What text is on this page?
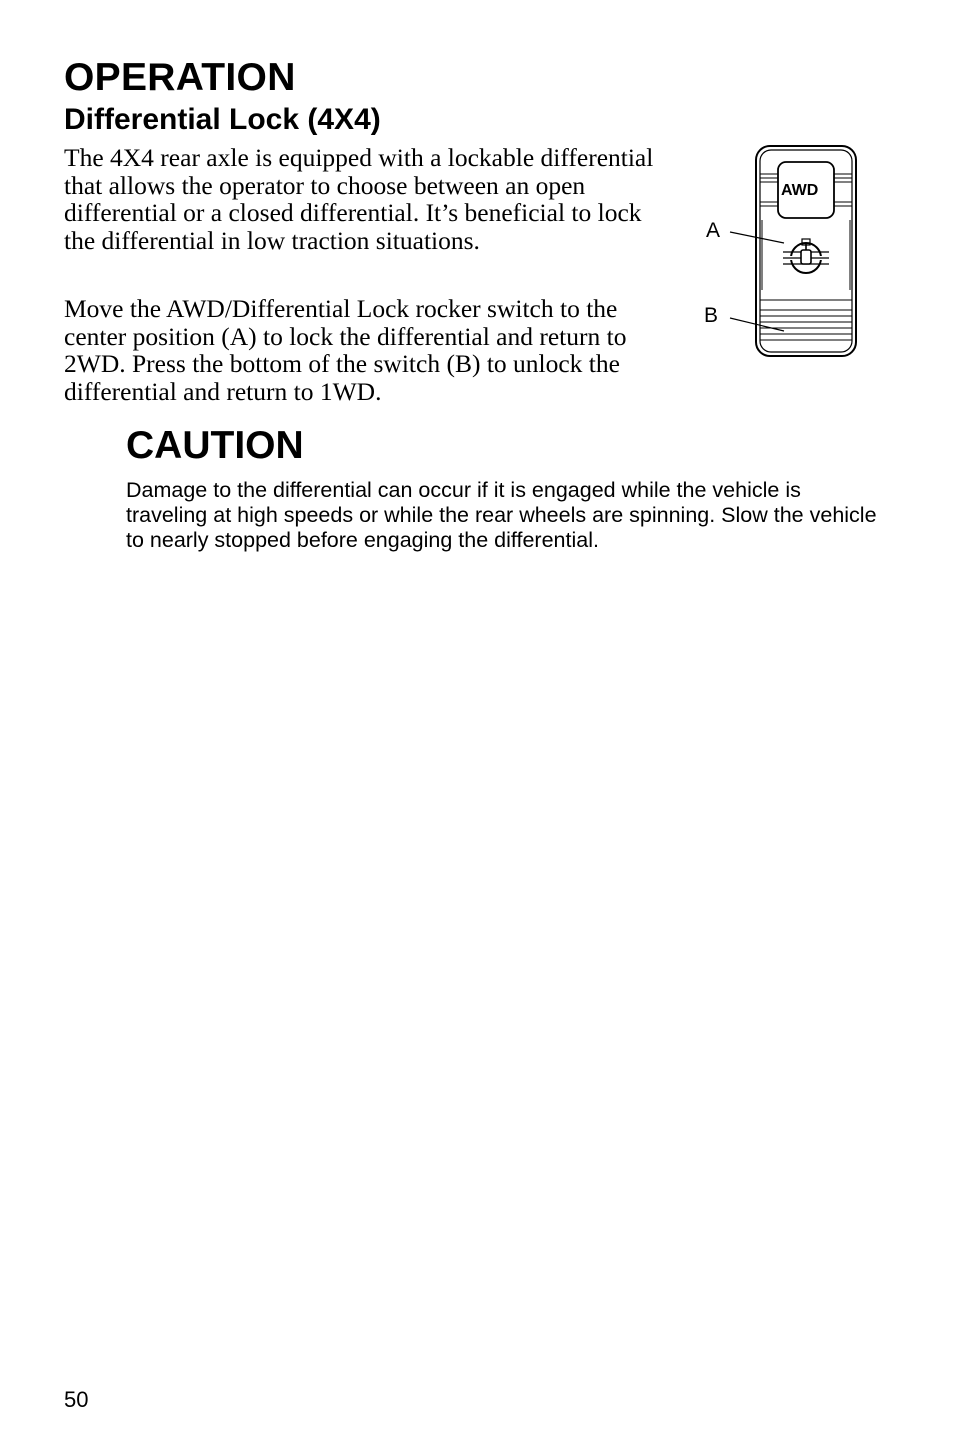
OPERATION
Differential Lock (4X4)

The 4X4 rear axle is equipped with a lockable differential that allows the operator to choose between an open differential or a closed differential. It’s beneficial to lock the differential in low traction situations.

Move the AWD/Differential Lock rocker switch to the center position (A) to lock the differential and return to 2WD. Press the bottom of the switch (B) to unlock the differential and return to 1WD.

AWD
A
B
CAUTION

Damage to the differential can occur if it is engaged while the vehicle is traveling at high speeds or while the rear wheels are spinning. Slow the vehicle to nearly stopped before engaging the differential.

50
